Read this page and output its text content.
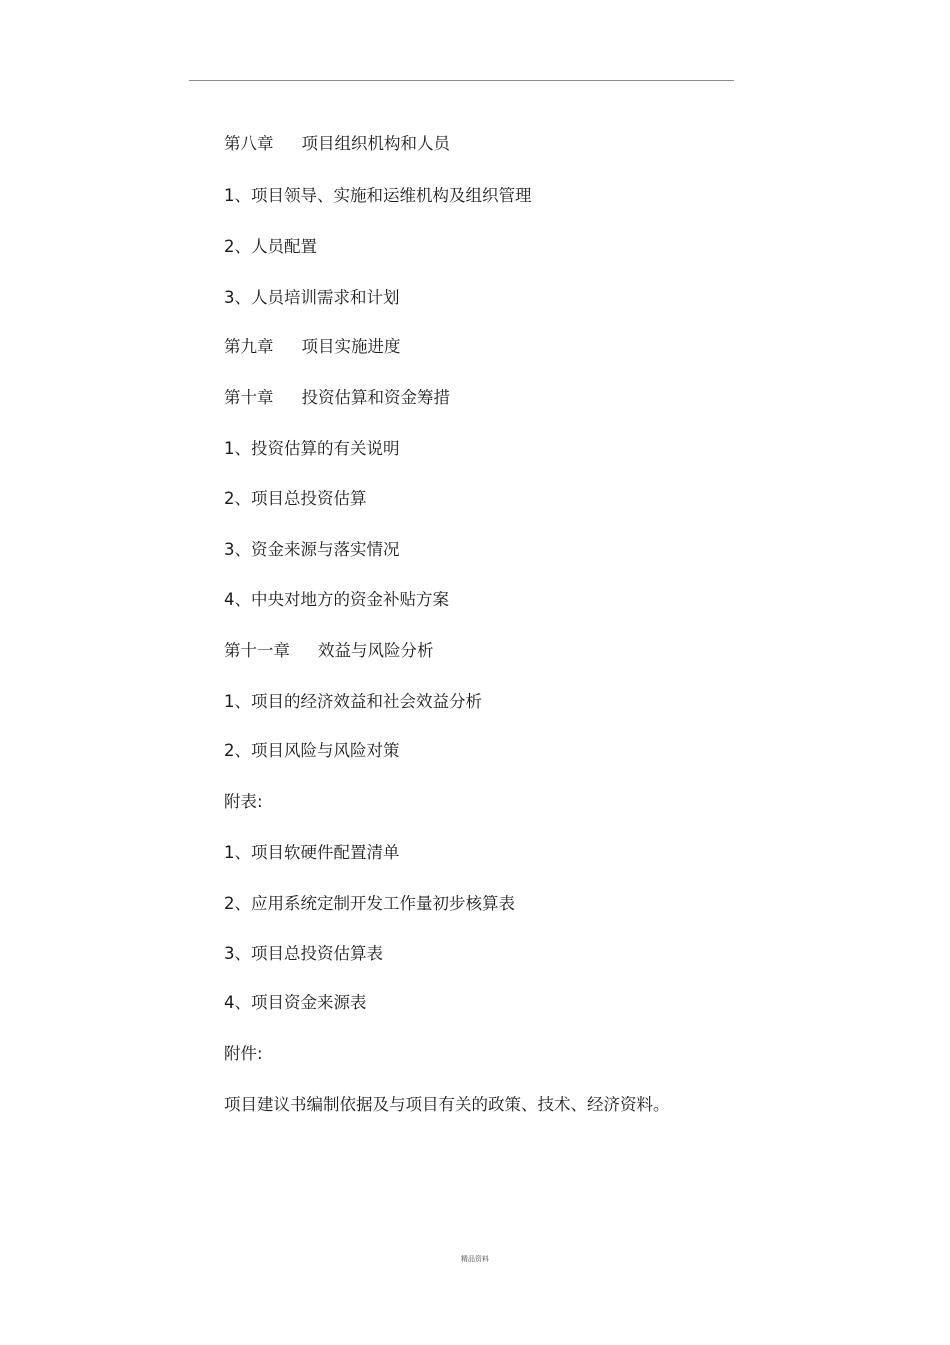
第八章 项目组织机构和人员
1、项目领导、实施和运维机构及组织管理
2、人员配置
3、人员培训需求和计划
第九章 项目实施进度
第十章 投资估算和资金筹措
1、投资估算的有关说明
2、项目总投资估算
3、资金来源与落实情况
4、中央对地方的资金补贴方案
第十一章 效益与风险分析
1、项目的经济效益和社会效益分析
2、项目风险与风险对策
附表:
1、项目软硬件配置清单
2、应用系统定制开发工作量初步核算表
3、项目总投资估算表
4、项目资金来源表
附件:
项目建议书编制依据及与项目有关的政策、技术、经济资料。
精品资料
